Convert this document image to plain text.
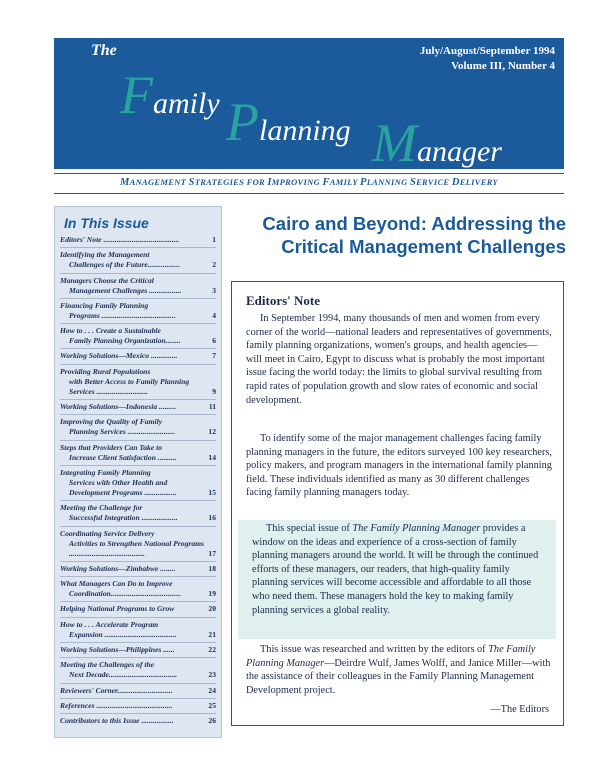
The	July/August/September 1994
Volume III, Number 4
Family Planning Manager
MANAGEMENT STRATEGIES FOR IMPROVING FAMILY PLANNING SERVICE DELIVERY
In This Issue
Editors' Note ........................................	1
Identifying the Management
Challenges of the Future.................	2
Managers Choose the Critical
Management Challenges .................	3
Financing Family Planning
Programs .......................................	4
How to . . . Create a Sustainable
Family Planning Organization........	6
Working Solutions—Mexico ..............	7
Providing Rural Populations
with Better Access to Family Planning Services ...........................	9
Working Solutions—Indonesia .........	11
Improving the Quality of Family
Planning Services .........................	12
Steps that Providers Can Take to
Increase Client Satisfaction ..........	14
Integrating Family Planning
Services with Other Health and Development Programs .................	15
Meeting the Challenge for
Successful Integration ...................	16
Coordinating Service Delivery
Activities to Strengthen National Programs ........................................	17
Working Solutions—Zimbabwe ........	18
What Managers Can Do to Improve
Coordination.....................................	19
Helping National Programs to Grow	20
How to . . . Accelerate Program
Expansion ......................................	21
Working Solutions—Philippines ......	22
Meeting the Challenges of the
Next Decade....................................	23
Reviewers' Corner.............................	24
References ........................................	25
Contributors to this Issue .................	26
Cairo and Beyond: Addressing the Critical Management Challenges
Editors' Note
In September 1994, many thousands of men and women from every corner of the world—national leaders and representatives of governments, family planning organizations, women's groups, and health agencies—will meet in Cairo, Egypt to discuss what is probably the most important issue facing the world today: the limits to global survival resulting from rapid rates of population growth and slow rates of economic and social development.
To identify some of the major management challenges facing family planning managers in the future, the editors surveyed 100 key researchers, policy makers, and program managers in the international family planning field. These individuals identified as many as 30 different challenges facing family planning managers today.
This special issue of The Family Planning Manager provides a window on the ideas and experience of a cross-section of family planning managers around the world. It will be through the continued efforts of these managers, our readers, that high-quality family planning services will become accessible and affordable to all those who need them. These managers hold the key to making family planning services a global reality.
This issue was researched and written by the editors of The Family Planning Manager—Deirdre Wulf, James Wolff, and Janice Miller—with the assistance of their colleagues in the Family Planning Management Development project.
—The Editors
